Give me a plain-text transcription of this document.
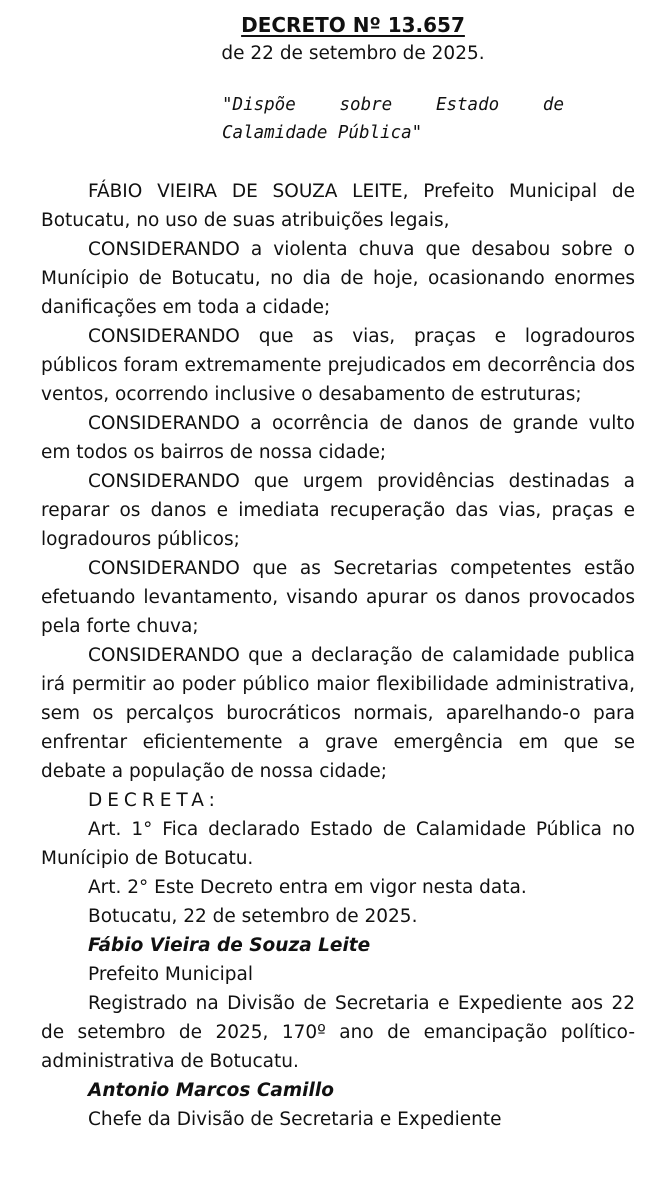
DECRETO Nº 13.657
de 22 de setembro de 2025.
"Dispõe sobre Estado de
Calamidade Pública"

FÁBIO VIEIRA DE SOUZA LEITE, Prefeito Municipal de Botucatu, no uso de suas atribuições legais,

CONSIDERANDO a violenta chuva que desabou sobre o Munícipio de Botucatu, no dia de hoje, ocasionando enormes danificações em toda a cidade;

CONSIDERANDO que as vias, praças e logradouros públicos foram extremamente prejudicados em decorrência dos ventos, ocorrendo inclusive o desabamento de estruturas;

CONSIDERANDO a ocorrência de danos de grande vulto em todos os bairros de nossa cidade;

CONSIDERANDO que urgem providências destinadas a reparar os danos e imediata recuperação das vias, praças e logradouros públicos;

CONSIDERANDO que as Secretarias competentes estão efetuando levantamento, visando apurar os danos provocados pela forte chuva;

CONSIDERANDO que a declaração de calamidade publica irá permitir ao poder público maior flexibilidade administrativa, sem os percalços burocráticos normais, aparelhando-o para enfrentar eficientemente a grave emergência em que se debate a população de nossa cidade;

DECRETA:

Art. 1° Fica declarado Estado de Calamidade Pública no Munícipio de Botucatu.

Art. 2° Este Decreto entra em vigor nesta data.

Botucatu, 22 de setembro de 2025.

Fábio Vieira de Souza Leite

Prefeito Municipal

Registrado na Divisão de Secretaria e Expediente aos 22 de setembro de 2025, 170º ano de emancipação político-administrativa de Botucatu.

Antonio Marcos Camillo

Chefe da Divisão de Secretaria e Expediente
